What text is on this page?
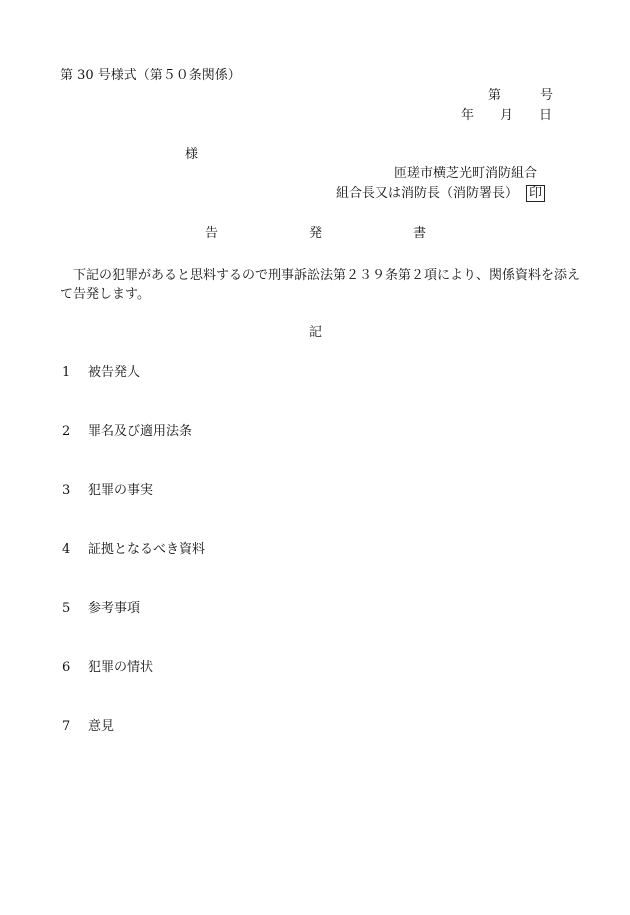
第 30 号様式（第５０条関係）
第　　　号
年　　月　　日
様
匝瑳市横芝光町消防組合
組合長又は消防長（消防署長） 印
告　　　　　　　発　　　　　　　書
下記の犯罪があると思料するので刑事訴訟法第２３９条第２項により、関係資料を添えて告発します。
記
1 被告発人
2 罪名及び適用法条
3 犯罪の事実
4 証拠となるべき資料
5 参考事項
6 犯罪の情状
7 意見
